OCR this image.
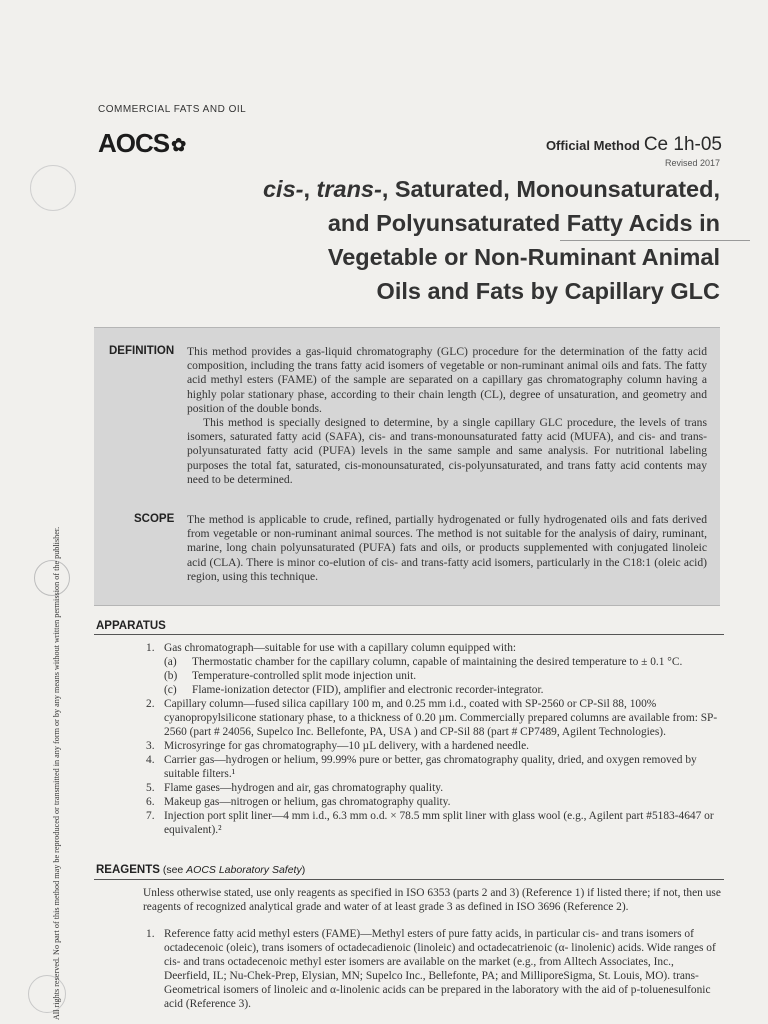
COMMERCIAL FATS AND OIL
AOCS ✿	Official Method Ce 1h-05
Revised 2017
cis-, trans-, Saturated, Monounsaturated,
and Polyunsaturated Fatty Acids in
Vegetable or Non-Ruminant Animal
Oils and Fats by Capillary GLC
DEFINITION This method provides a gas-liquid chromatography (GLC) procedure for the determination of the fatty acid composition, including the trans fatty acid isomers of vegetable or non-ruminant animal oils and fats. The fatty acid methyl esters (FAME) of the sample are separated on a capillary gas chromatography column having a highly polar stationary phase, according to their chain length (CL), degree of unsaturation, and geometry and position of the double bonds.

This method is specially designed to determine, by a single capillary GLC procedure, the levels of trans isomers, saturated fatty acid (SAFA), cis- and trans-monounsaturated fatty acid (MUFA), and cis- and trans-polyunsaturated fatty acid (PUFA) levels in the same sample and same analysis. For nutritional labeling purposes the total fat, saturated, cis-monounsaturated, cis-polyunsaturated, and trans fatty acid contents may need to be determined.

SCOPE The method is applicable to crude, refined, partially hydrogenated or fully hydrogenated oils and fats derived from vegetable or non-ruminant animal sources. The method is not suitable for the analysis of dairy, ruminant, marine, long chain polyunsaturated (PUFA) fats and oils, or products supplemented with conjugated linoleic acid (CLA). There is minor co-elution of cis- and trans-fatty acid isomers, particularly in the C18:1 (oleic acid) region, using this technique.
APPARATUS
1. Gas chromatograph—suitable for use with a capillary column equipped with:
(a) Thermostatic chamber for the capillary column, capable of maintaining the desired temperature to ± 0.1 °C.
(b) Temperature-controlled split mode injection unit.
(c) Flame-ionization detector (FID), amplifier and electronic recorder-integrator.
2. Capillary column—fused silica capillary 100 m, and 0.25 mm i.d., coated with SP-2560 or CP-Sil 88, 100% cyanopropylsilicone stationary phase, to a thickness of 0.20 µm. Commercially prepared columns are available from: SP-2560 (part # 24056, Supelco Inc. Bellefonte, PA, USA ) and CP-Sil 88 (part # CP7489, Agilent Technologies).
3. Microsyringe for gas chromatography—10 µL delivery, with a hardened needle.
4. Carrier gas—hydrogen or helium, 99.99% pure or better, gas chromatography quality, dried, and oxygen removed by suitable filters.¹
5. Flame gases—hydrogen and air, gas chromatography quality.
6. Makeup gas—nitrogen or helium, gas chromatography quality.
7. Injection port split liner—4 mm i.d., 6.3 mm o.d. × 78.5 mm split liner with glass wool (e.g., Agilent part #5183-4647 or equivalent).²
REAGENTS (see AOCS Laboratory Safety)
Unless otherwise stated, use only reagents as specified in ISO 6353 (parts 2 and 3) (Reference 1) if listed there; if not, then use reagents of recognized analytical grade and water of at least grade 3 as defined in ISO 3696 (Reference 2).
1. Reference fatty acid methyl esters (FAME)—Methyl esters of pure fatty acids, in particular cis- and trans isomers of octadecenoic (oleic), trans isomers of octadecadienoic (linoleic) and octadecatrienoic (α- linolenic) acids. Wide ranges of cis- and trans octadecenoic methyl ester isomers are available on the market (e.g., from Alltech Associates, Inc., Deerfield, IL; Nu-Chek-Prep, Elysian, MN; Supelco Inc., Bellefonte, PA; and MilliporeSigma, St. Louis, MO). trans-Geometrical isomers of linoleic and α-linolenic acids can be prepared in the laboratory with the aid of p-toluenesulfonic acid (Reference 3).
All rights reserved. No part of this method may be reproduced or transmitted in any form or by any means without written permission of the publisher.
